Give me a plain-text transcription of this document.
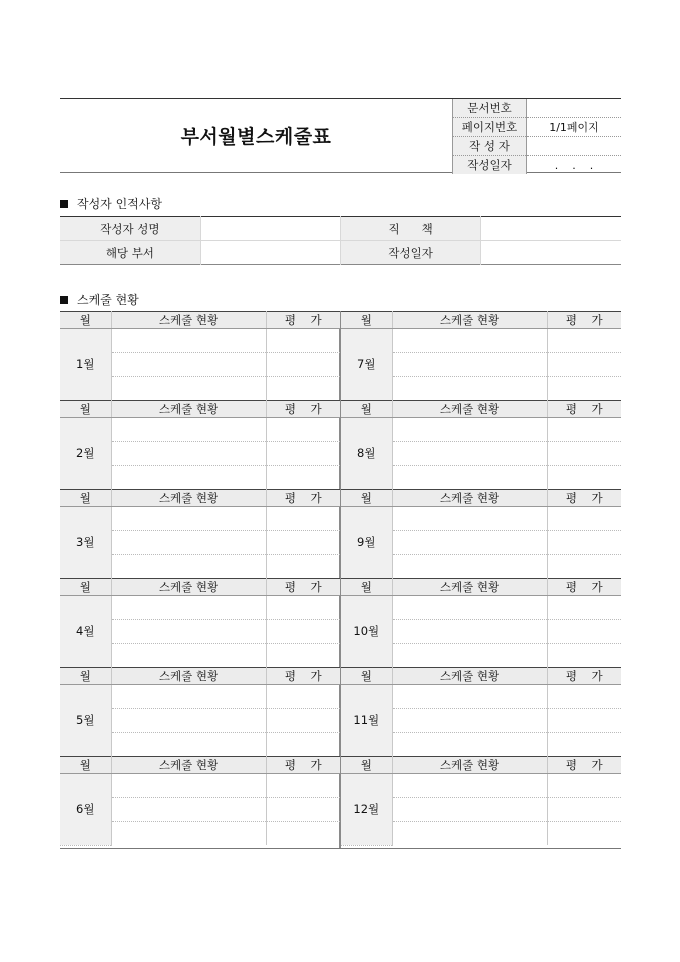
부서월별스케줄표
문서번호	
페이지번호	1/1페이지
작 성 자	
작성일자	.    .    .
작성자 인적사항
작성자 성명		직      책	
해당 부서		작성일자	
스케줄 현황
월	스케줄 현황	평    가
1월		

월	스케줄 현황	평    가
2월		

월	스케줄 현황	평    가
3월		

월	스케줄 현황	평    가
4월		

월	스케줄 현황	평    가
5월		

월	스케줄 현황	평    가
6월		

월	스케줄 현황	평    가
7월		

월	스케줄 현황	평    가
8월		

월	스케줄 현황	평    가
9월		

월	스케줄 현황	평    가
10월		

월	스케줄 현황	평    가
11월		

월	스케줄 현황	평    가
12월		
